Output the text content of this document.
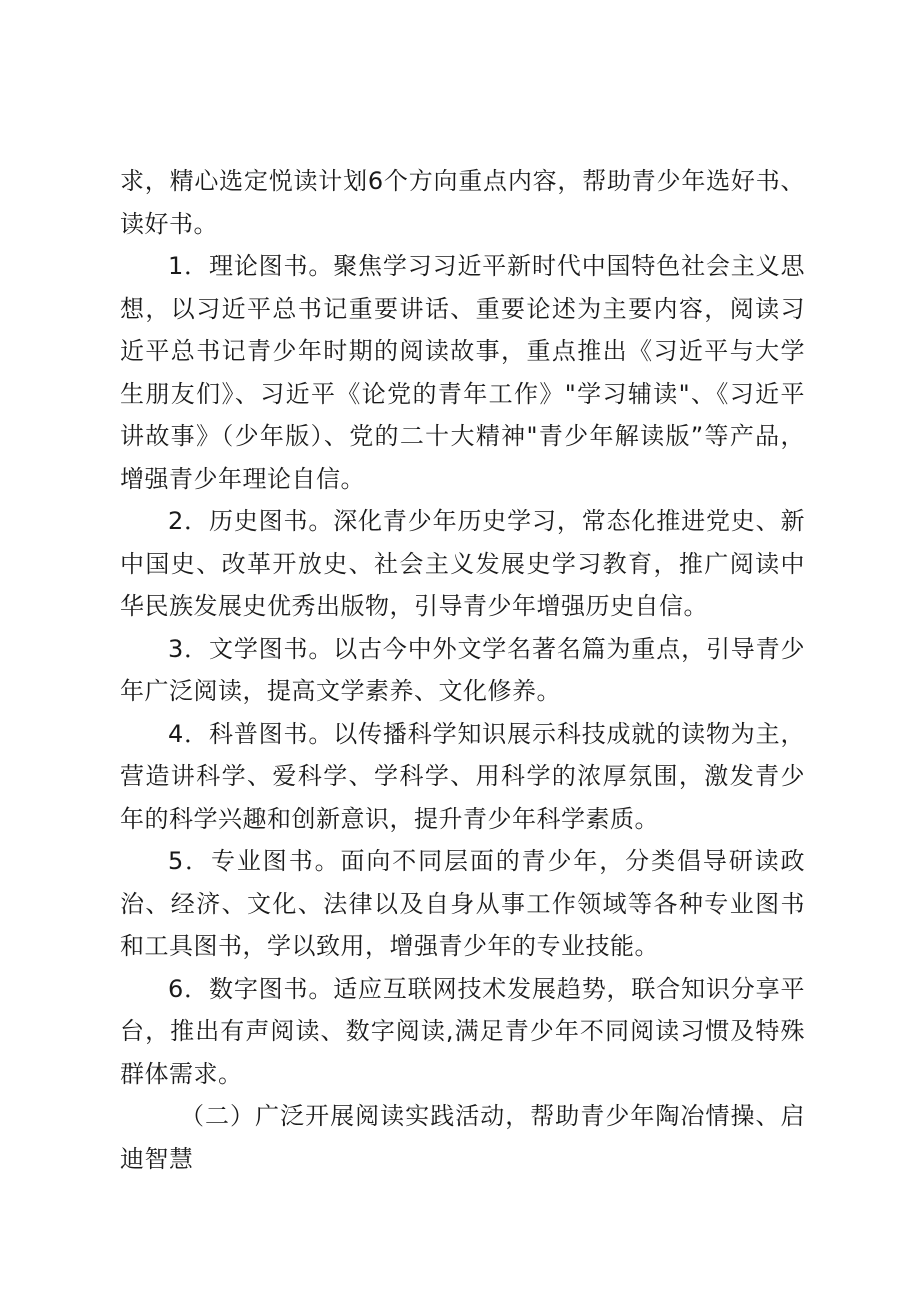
求，精心选定悦读计划6个方向重点内容，帮助青少年选好书、读好书。

1．理论图书。聚焦学习习近平新时代中国特色社会主义思想，以习近平总书记重要讲话、重要论述为主要内容，阅读习近平总书记青少年时期的阅读故事，重点推出《习近平与大学生朋友们》、习近平《论党的青年工作》"学习辅读"、《习近平讲故事》（少年版）、党的二十大精神"青少年解读版”等产品，增强青少年理论自信。

2．历史图书。深化青少年历史学习，常态化推进党史、新中国史、改革开放史、社会主义发展史学习教育，推广阅读中华民族发展史优秀出版物，引导青少年增强历史自信。

3．文学图书。以古今中外文学名著名篇为重点，引导青少年广泛阅读，提高文学素养、文化修养。

4．科普图书。以传播科学知识展示科技成就的读物为主，营造讲科学、爱科学、学科学、用科学的浓厚氛围，激发青少年的科学兴趣和创新意识，提升青少年科学素质。

5．专业图书。面向不同层面的青少年，分类倡导研读政治、经济、文化、法律以及自身从事工作领域等各种专业图书和工具图书，学以致用，增强青少年的专业技能。

6．数字图书。适应互联网技术发展趋势，联合知识分享平台，推出有声阅读、数字阅读,满足青少年不同阅读习惯及特殊群体需求。

（二）广泛开展阅读实践活动，帮助青少年陶冶情操、启迪智慧
